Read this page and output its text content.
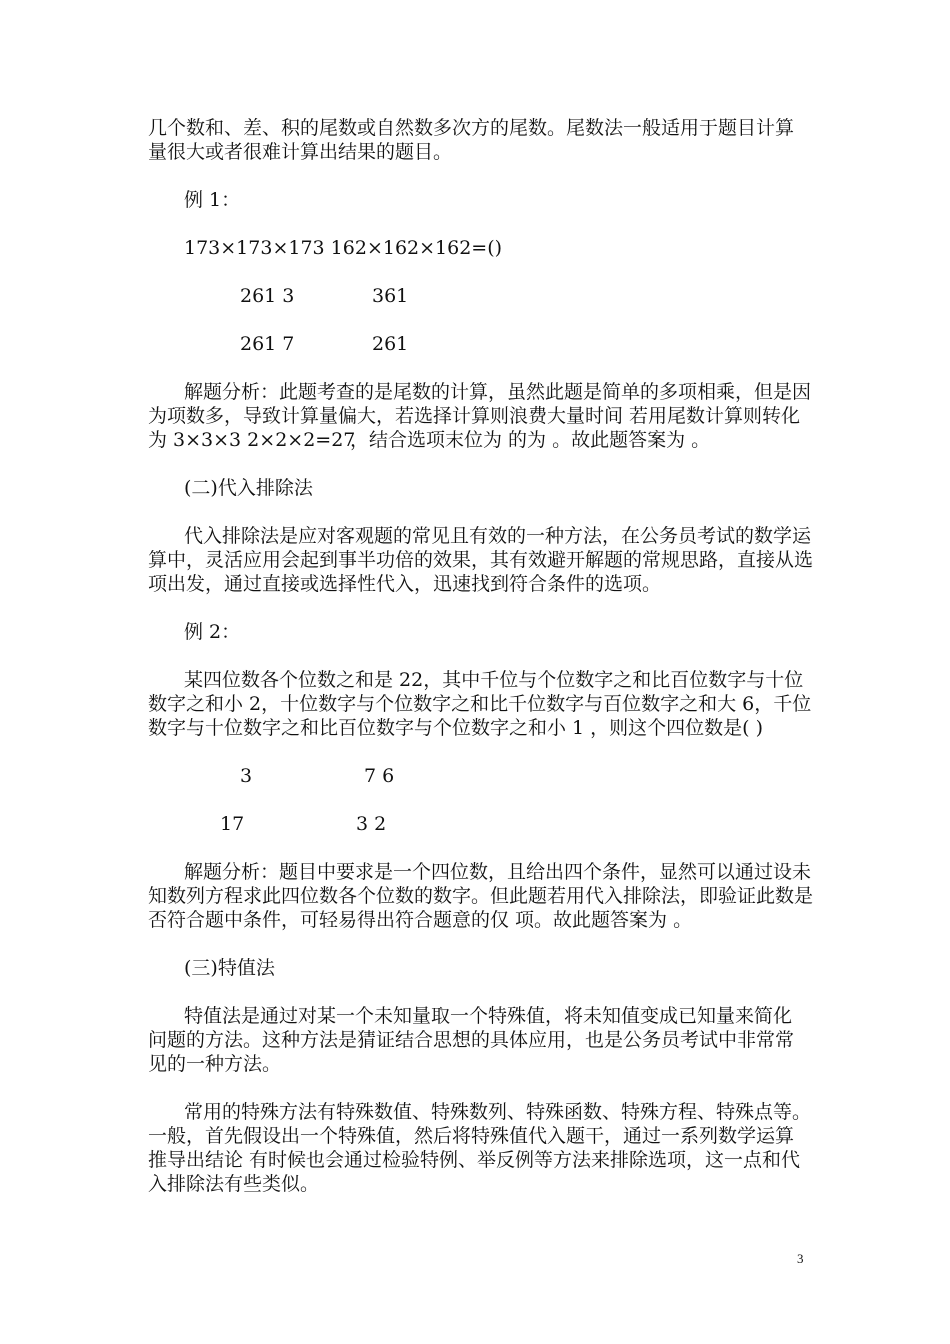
几个数和、差、积的尾数或自然数多次方的尾数。尾数法一般适用于题目计算
量很大或者很难计算出结果的题目。
例 1：
173×173×173 162×162×162=()
261 3	361
261 7	261
解题分析：此题考查的是尾数的计算，虽然此题是简单的多项相乘，但是因
为项数多，导致计算量偏大，若选择计算则浪费大量时间 若用尾数计算则转化
为 3×3×3 2×2×2=27
，结合选项末位为 的为 。故此题答案为 。
(二)代入排除法
代入排除法是应对客观题的常见且有效的一种方法，在公务员考试的数学运
算中，灵活应用会起到事半功倍的效果，其有效避开解题的常规思路，直接从选
项出发，通过直接或选择性代入，迅速找到符合条件的选项。
例 2：
某四位数各个位数之和是 22，其中千位与个位数字之和比百位数字与十位
数字之和小 2，十位数字与个位数字之和比千位数字与百位数字之和大 6，千位
数字与十位数字之和比百位数字与个位数字之和小 1 ，则这个四位数是( )
3	7 6
17	3 2
解题分析：题目中要求是一个四位数，且给出四个条件，显然可以通过设未
知数列方程求此四位数各个位数的数字。但此题若用代入排除法，即验证此数是
否符合题中条件，可轻易得出符合题意的仅 项。故此题答案为 。
(三)特值法
特值法是通过对某一个未知量取一个特殊值，将未知值变成已知量来简化
问题的方法。这种方法是猜证结合思想的具体应用，也是公务员考试中非常常
见的一种方法。
常用的特殊方法有特殊数值、特殊数列、特殊函数、特殊方程、特殊点等。
一般，首先假设出一个特殊值，然后将特殊值代入题干，通过一系列数学运算
推导出结论 有时候也会通过检验特例、举反例等方法来排除选项，这一点和代
入排除法有些类似。
3
